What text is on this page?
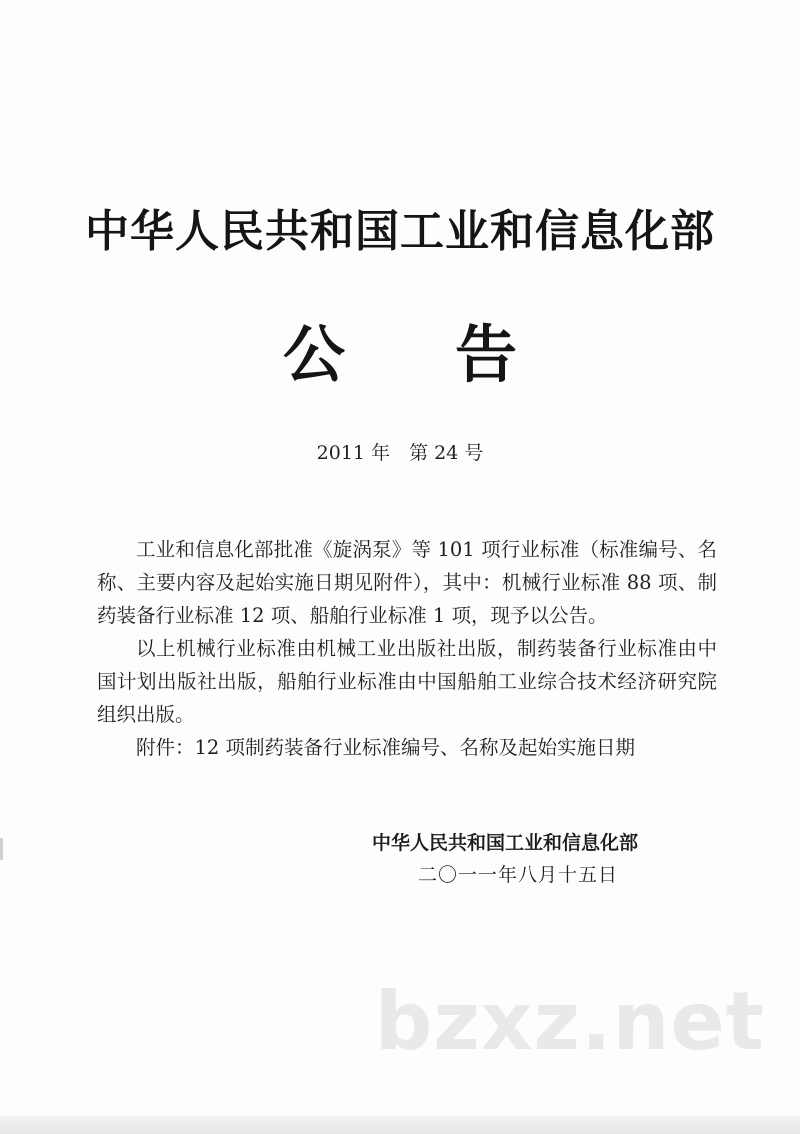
中华人民共和国工业和信息化部
公告
2011 年　第 24 号

工业和信息化部批准《旋涡泵》等 101 项行业标准（标准编号、名称、主要内容及起始实施日期见附件），其中：机械行业标准 88 项、制药装备行业标准 12 项、船舶行业标准 1 项，现予以公告。

以上机械行业标准由机械工业出版社出版，制药装备行业标准由中国计划出版社出版，船舶行业标准由中国船舶工业综合技术经济研究院组织出版。

附件：12 项制药装备行业标准编号、名称及起始实施日期

中华人民共和国工业和信息化部
二〇一一年八月十五日
bzxz.net
